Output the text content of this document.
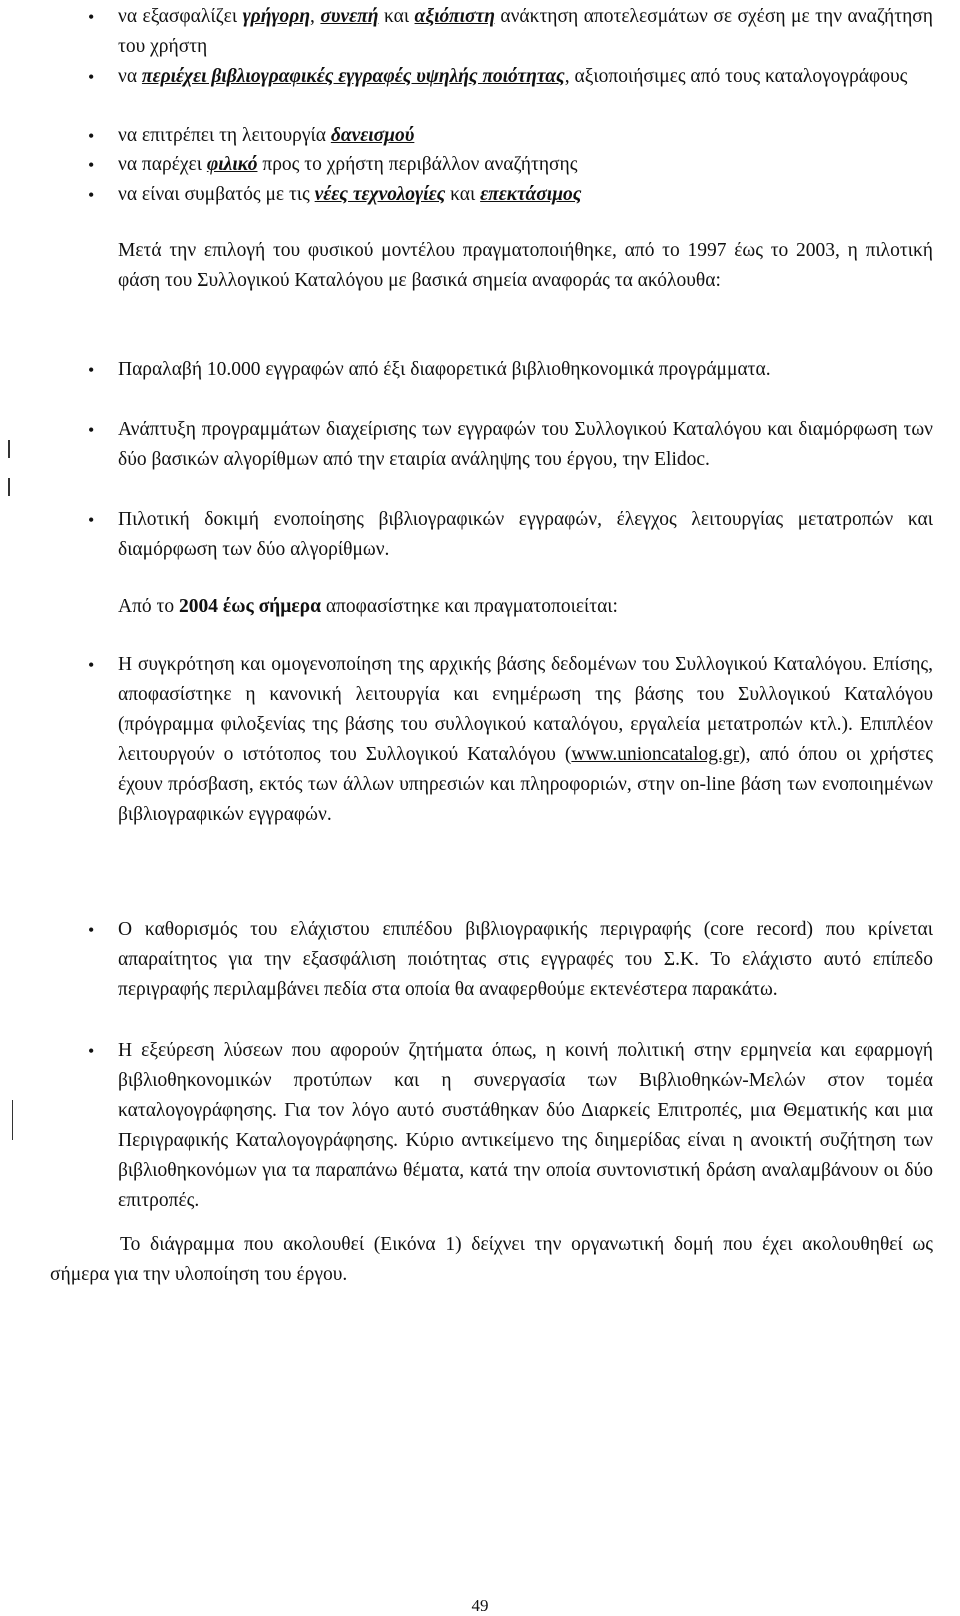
• να εξασφαλίζει γρήγορη, συνεπή και αξιόπιστη ανάκτηση αποτελεσμάτων σε σχέση με την αναζήτηση του χρήστη

• να περιέχει βιβλιογραφικές εγγραφές υψηλής ποιότητας, αξιοποιήσιμες από τους καταλογογράφους

• να επιτρέπει τη λειτουργία δανεισμού

• να παρέχει φιλικό προς το χρήστη περιβάλλον αναζήτησης

• να είναι συμβατός με τις νέες τεχνολογίες και επεκτάσιμος

Μετά την επιλογή του φυσικού μοντέλου πραγματοποιήθηκε, από το 1997 έως το 2003, η πιλοτική φάση του Συλλογικού Καταλόγου με βασικά σημεία αναφοράς τα ακόλουθα:

• Παραλαβή 10.000 εγγραφών από έξι διαφορετικά βιβλιοθηκονομικά προγράμματα.

• Ανάπτυξη προγραμμάτων διαχείρισης των εγγραφών του Συλλογικού Καταλόγου και διαμόρφωση των δύο βασικών αλγορίθμων από την εταιρία ανάληψης του έργου, την Elidoc.

• Πιλοτική δοκιμή ενοποίησης βιβλιογραφικών εγγραφών, έλεγχος λειτουργίας μετατροπών και διαμόρφωση των δύο αλγορίθμων.

Από το 2004 έως σήμερα αποφασίστηκε και πραγματοποιείται:

• Η συγκρότηση και ομογενοποίηση της αρχικής βάσης δεδομένων του Συλλογικού Καταλόγου. Επίσης, αποφασίστηκε η κανονική λειτουργία και ενημέρωση της βάσης του Συλλογικού Καταλόγου (πρόγραμμα φιλοξενίας της βάσης του συλλογικού καταλόγου, εργαλεία μετατροπών κτλ.). Επιπλέον λειτουργούν ο ιστότοπος του Συλλογικού Καταλόγου (www.unioncatalog.gr), από όπου οι χρήστες έχουν πρόσβαση, εκτός των άλλων υπηρεσιών και πληροφοριών, στην on-line βάση των ενοποιημένων βιβλιογραφικών εγγραφών.

• Ο καθορισμός του ελάχιστου επιπέδου βιβλιογραφικής περιγραφής (core record) που κρίνεται απαραίτητος για την εξασφάλιση ποιότητας στις εγγραφές του Σ.Κ. Το ελάχιστο αυτό επίπεδο περιγραφής περιλαμβάνει πεδία στα οποία θα αναφερθούμε εκτενέστερα παρακάτω.

• Η εξεύρεση λύσεων που αφορούν ζητήματα όπως, η κοινή πολιτική στην ερμηνεία και εφαρμογή βιβλιοθηκονομικών προτύπων και η συνεργασία των Βιβλιοθηκών-Μελών στον τομέα καταλογογράφησης. Για τον λόγο αυτό συστάθηκαν δύο Διαρκείς Επιτροπές, μια Θεματικής και μια Περιγραφικής Καταλογογράφησης. Κύριο αντικείμενο της διημερίδας είναι η ανοικτή συζήτηση των βιβλιοθηκονόμων για τα παραπάνω θέματα, κατά την οποία συντονιστική δράση αναλαμβάνουν οι δύο επιτροπές.

Το διάγραμμα που ακολουθεί (Εικόνα 1) δείχνει την οργανωτική δομή που έχει ακολουθηθεί ως σήμερα για την υλοποίηση του έργου.

49
